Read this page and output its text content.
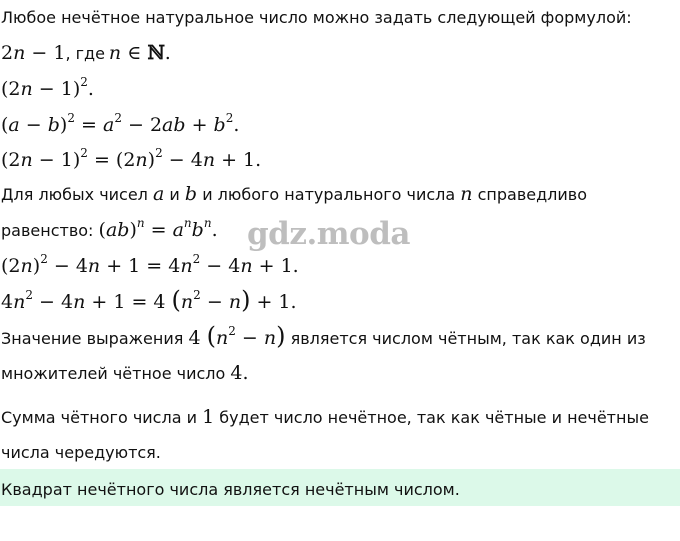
Любое нечётное натуральное число можно задать следующей формулой:
2n − 1, где n ∈ ℕ.
$(2n - 1)^2$.
$(a - b)^2 = a^2 - 2ab + b^2$.
$(2n - 1)^2 = (2n)^2 - 4n + 1$.
Для любых чисел a и b и любого натурального числа n справедливо
равенство: $(ab)^n = a^nb^n$. gdz.moda
$(2n)^2 - 4n + 1 = 4n^2 - 4n + 1$.
$4n^2 - 4n + 1 = 4$ $(n^2 - n) + 1$.
Значение выражения 4 $(n^2 - n)$ является числом чётным, так как один из
множителей чётное число 4.
Сумма чётного числа и 1 будет число нечётное, так как чётные и нечётные
числа чередуются.
Квадрат нечётного числа является нечётным числом.
